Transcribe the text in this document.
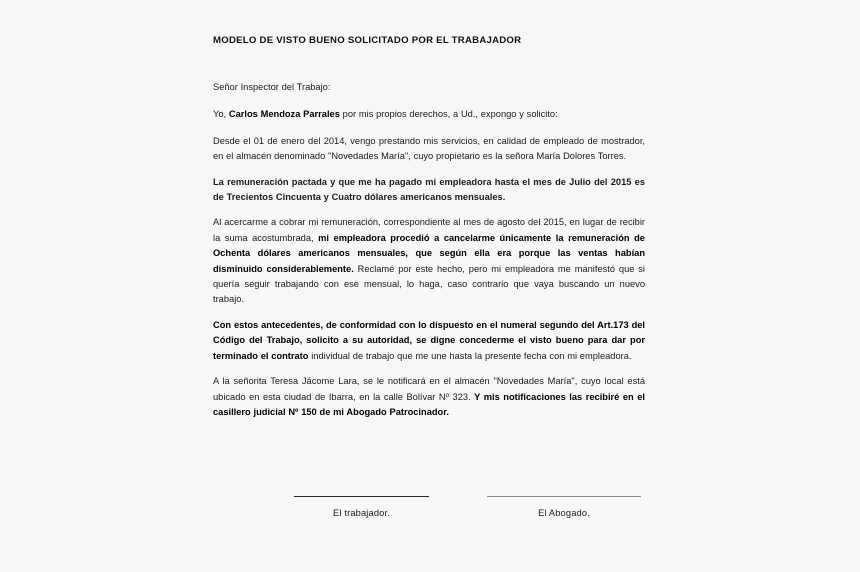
MODELO DE VISTO BUENO SOLICITADO POR EL TRABAJADOR

Señor Inspector del Trabajo:

Yo, Carlos Mendoza Parrales por mis propios derechos, a Ud., expongo y solicito:

Desde el 01 de enero del 2014, vengo prestando mis servicios, en calidad de empleado de mostrador, en el almacén denominado "Novedades María", cuyo propietario es la señora María Dolores Torres.

La remuneración pactada y que me ha pagado mi empleadora hasta el mes de Julio del 2015 es de Trecientos Cincuenta y Cuatro dólares americanos mensuales.

Al acercarme a cobrar mi remuneración, correspondiente al mes de agosto del 2015, en lugar de recibir la suma acostumbrada, mi empleadora procedió a cancelarme únicamente la remuneración de Ochenta dólares americanos mensuales, que según ella era porque las ventas habían disminuido considerablemente. Reclamé por este hecho, pero mi empleadora me manifestó que si quería seguir trabajando con ese mensual, lo haga, caso contrario que vaya buscando un nuevo trabajo.

Con estos antecedentes, de conformidad con lo dispuesto en el numeral segundo del Art.173 del Código del Trabajo, solicito a su autoridad, se digne concederme el visto bueno para dar por terminado el contrato individual de trabajo que me une hasta la presente fecha con mi empleadora.

A la señorita Teresa Jácome Lara, se le notificará en el almacén "Novedades María", cuyo local está ubicado en esta ciudad de Ibarra, en la calle Bolívar Nº 323. Y mis notificaciones las recibiré en el casillero judicial Nº 150 de mi Abogado Patrocinador.

El trabajador.	El Abogado.
